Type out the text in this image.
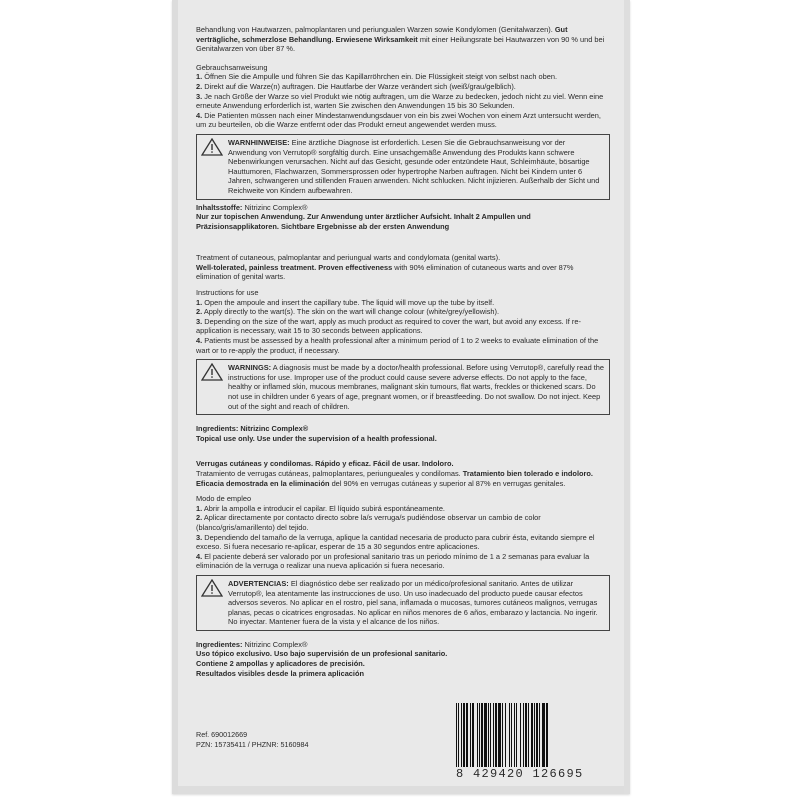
Behandlung von Hautwarzen, palmoplantaren und periungualen Warzen sowie Kondylomen (Genitalwarzen). Gut verträgliche, schmerzlose Behandlung. Erwiesene Wirksamkeit mit einer Heilungsrate bei Hautwarzen von 90 % und bei Genitalwarzen von über 87 %.

Gebrauchsanweisung

1. Öffnen Sie die Ampulle und führen Sie das Kapillarröhrchen ein. Die Flüssigkeit steigt von selbst nach oben.

2. Direkt auf die Warze(n) auftragen. Die Hautfarbe der Warze verändert sich (weiß/grau/gelblich).

3. Je nach Größe der Warze so viel Produkt wie nötig auftragen, um die Warze zu bedecken, jedoch nicht zu viel. Wenn eine erneute Anwendung erforderlich ist, warten Sie zwischen den Anwendungen 15 bis 30 Sekunden.

4. Die Patienten müssen nach einer Mindestanwendungsdauer von ein bis zwei Wochen von einem Arzt untersucht werden, um zu beurteilen, ob die Warze entfernt oder das Produkt erneut angewendet werden muss.

WARNHINWEISE: Eine ärztliche Diagnose ist erforderlich. Lesen Sie die Gebrauchsanweisung vor der Anwendung von Verrutop® sorgfältig durch. Eine unsachgemäße Anwendung des Produkts kann schwere Nebenwirkungen verursachen. Nicht auf das Gesicht, gesunde oder entzündete Haut, Schleimhäute, bösartige Hauttumoren, Flachwarzen, Sommersprossen oder hypertrophe Narben auftragen. Nicht bei Kindern unter 6 Jahren, schwangeren und stillenden Frauen anwenden. Nicht schlucken. Nicht injizieren. Außerhalb der Sicht und Reichweite von Kindern aufbewahren.

Inhaltsstoffe: Nitrizinc Complex®

Nur zur topischen Anwendung. Zur Anwendung unter ärztlicher Aufsicht. Inhalt 2 Ampullen und Präzisionsapplikatoren. Sichtbare Ergebnisse ab der ersten Anwendung

Treatment of cutaneous, palmoplantar and periungual warts and condylomata (genital warts).
Well-tolerated, painless treatment. Proven effectiveness with 90% elimination of cutaneous warts and over 87% elimination of genital warts.

Instructions for use

1. Open the ampoule and insert the capillary tube. The liquid will move up the tube by itself.

2. Apply directly to the wart(s). The skin on the wart will change colour (white/grey/yellowish).

3. Depending on the size of the wart, apply as much product as required to cover the wart, but avoid any excess. If re-application is necessary, wait 15 to 30 seconds between applications.

4. Patients must be assessed by a health professional after a minimum period of 1 to 2 weeks to evaluate elimination of the wart or to re-apply the product, if necessary.

WARNINGS: A diagnosis must be made by a doctor/health professional. Before using Verrutop®, carefully read the instructions for use. Improper use of the product could cause severe adverse effects. Do not apply to the face, healthy or inflamed skin, mucous membranes, malignant skin tumours, flat warts, freckles or thickened scars. Do not use in children under 6 years of age, pregnant women, or if breastfeeding. Do not swallow. Do not inject. Keep out of the sight and reach of children.

Ingredients: Nitrizinc Complex®

Topical use only. Use under the supervision of a health professional.

Verrugas cutáneas y condilomas. Rápido y eficaz. Fácil de usar. Indoloro.

Tratamiento de verrugas cutáneas, palmoplantares, periunguealеs y condilomas. Tratamiento bien tolerado e indoloro. Eficacia demostrada en la eliminación del 90% en verrugas cutáneas y superior al 87% en verrugas genitales.

Modo de empleo

1. Abrir la ampolla e introducir el capilar. El líquido subirá espontáneamente.

2. Aplicar directamente por contacto directo sobre la/s verruga/s pudiéndose observar un cambio de color (blanco/gris/amarillento) del tejido.

3. Dependiendo del tamaño de la verruga, aplique la cantidad necesaria de producto para cubrir ésta, evitando siempre el exceso. Si fuera necesario re-aplicar, esperar de 15 a 30 segundos entre aplicaciones.

4. El paciente deberá ser valorado por un profesional sanitario tras un periodo mínimo de 1 a 2 semanas para evaluar la eliminación de la verruga o realizar una nueva aplicación si fuera necesario.

ADVERTENCIAS: El diagnóstico debe ser realizado por un médico/profesional sanitario. Antes de utilizar Verrutop®, lea atentamente las instrucciones de uso. Un uso inadecuado del producto puede causar efectos adversos severos. No aplicar en el rostro, piel sana, inflamada o mucosas, tumores cutáneos malignos, verrugas planas, pecas o cicatrices engrosadas. No aplicar en niños menores de 6 años, embarazo y lactancia. No ingerir. No inyectar. Mantener fuera de la vista y el alcance de los niños.

Ingredientes: Nitrizinc Complex®

Uso tópico exclusivo. Uso bajo supervisión de un profesional sanitario.

Contiene 2 ampollas y aplicadores de precisión.

Resultados visibles desde la primera aplicación

Ref. 690012669

PZN: 15735411 / PHZNR: 5160984

8 429420 126695
